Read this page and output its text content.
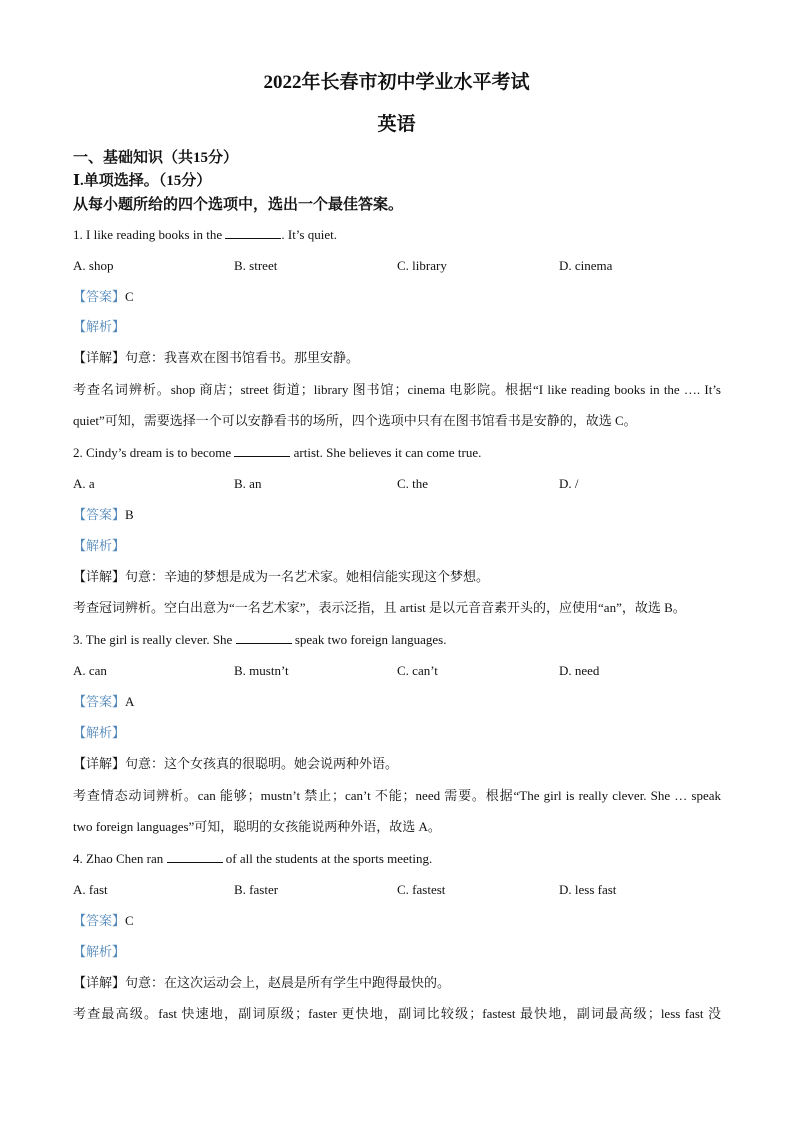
2022年长春市初中学业水平考试
英语
一、基础知识（共15分）
Ⅰ.单项选择。（15分）
从每小题所给的四个选项中，选出一个最佳答案。
1. I like reading books in the	. It’s quiet.
A. shop	B. street	C. library	D. cinema
【答案】C
【解析】
【详解】句意：我喜欢在图书馆看书。那里安静。
考查名词辨析。shop 商店；street 街道；library 图书馆；cinema 电影院。根据“I like reading books in the …. It’s
quiet”可知，需要选择一个可以安静看书的场所，四个选项中只有在图书馆看书是安静的，故选 C。
2. Cindy’s dream is to become	artist. She believes it can come true.
A. a	B. an	C. the	D. /
【答案】B
【解析】
【详解】句意：辛迪的梦想是成为一名艺术家。她相信能实现这个梦想。
考查冠词辨析。空白出意为“一名艺术家”，表示泛指，且 artist 是以元音音素开头的，应使用“an”，故选 B。
3. The girl is really clever. She	speak two foreign languages.
A. can	B. mustn’t	C. can’t	D. need
【答案】A
【解析】
【详解】句意：这个女孩真的很聪明。她会说两种外语。
考查情态动词辨析。can 能够；mustn’t 禁止；can’t 不能；need 需要。根据“The girl is really clever. She … speak
two foreign languages”可知，聪明的女孩能说两种外语，故选 A。
4. Zhao Chen ran	of all the students at the sports meeting.
A. fast	B. faster	C. fastest	D. less fast
【答案】C
【解析】
【详解】句意：在这次运动会上，赵晨是所有学生中跑得最快的。
考查最高级。fast 快速地，副词原级；faster 更快地，副词比较级；fastest 最快地，副词最高级；less fast 没
